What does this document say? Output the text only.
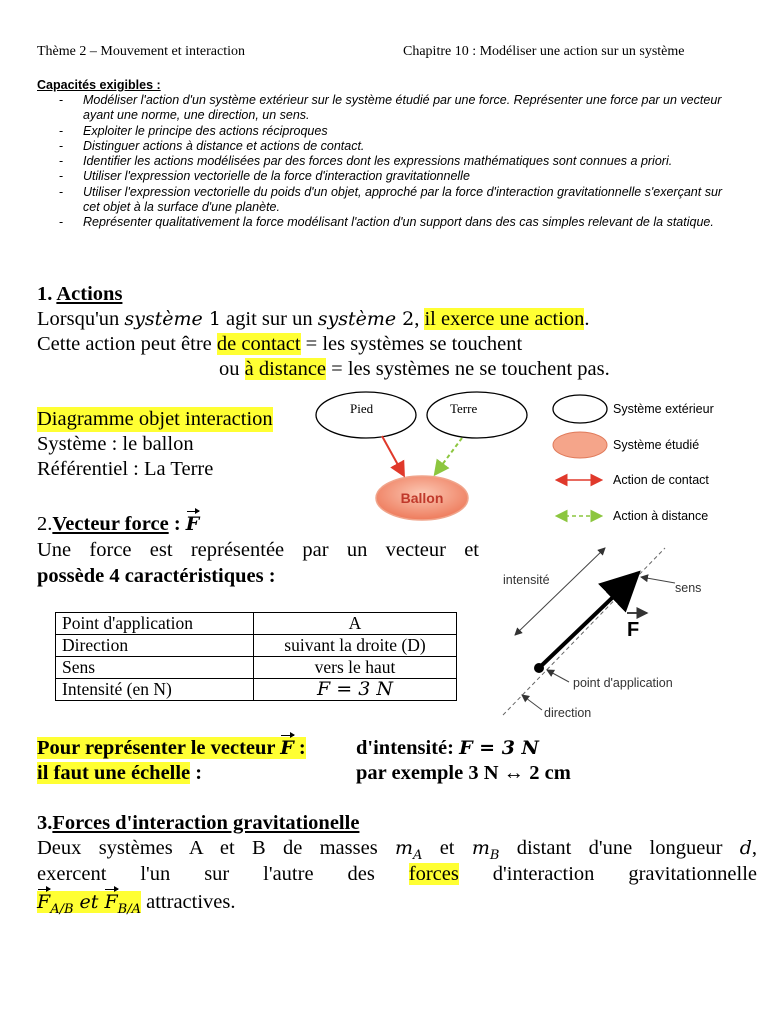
Thème 2 – Mouvement et interaction	Chapitre 10 : Modéliser une action sur un système
Capacités exigibles :
- Modéliser l'action d'un système extérieur sur le système étudié par une force. Représenter une force par un vecteur ayant une norme, une direction, un sens.
- Exploiter le principe des actions réciproques
- Distinguer actions à distance et actions de contact.
- Identifier les actions modélisées par des forces dont les expressions mathématiques sont connues a priori.
- Utiliser l'expression vectorielle de la force d'interaction gravitationnelle
- Utiliser l'expression vectorielle du poids d'un objet, approché par la force d'interaction gravitationnelle s'exerçant sur cet objet à la surface d'une planète.
- Représenter qualitativement la force modélisant l'action d'un support dans des cas simples relevant de la statique.
1. Actions
Lorsqu'un système 1 agit sur un système 2, il exerce une action.
Cette action peut être de contact = les systèmes se touchent
ou à distance = les systèmes ne se touchent pas.
Diagramme objet interaction
Système : le ballon
Référentiel : La Terre
Pied	Terre
Ballon
Système extérieur
Système étudié
Action de contact
Action à distance
2.Vecteur force : F
Une force est représentée par un vecteur et
possède 4 caractéristiques :
Point d'application	A
Direction	suivant la droite (D)
Sens	vers le haut
Intensité (en N)	F = 3 N
intensité
sens
F
point d'application
direction
Pour représenter le vecteur F : d'intensité: F = 3 N
il faut une échelle :	par exemple 3 N ↔ 2 cm
3.Forces d'interaction gravitationelle
Deux systèmes A et B de masses $m_A$ et $m_B$ distant d'une longueur d,
exercent l'un sur l'autre des forces d'interaction gravitationnelle
$F_{A/B}$ et $F_{B/A}$ attractives.
